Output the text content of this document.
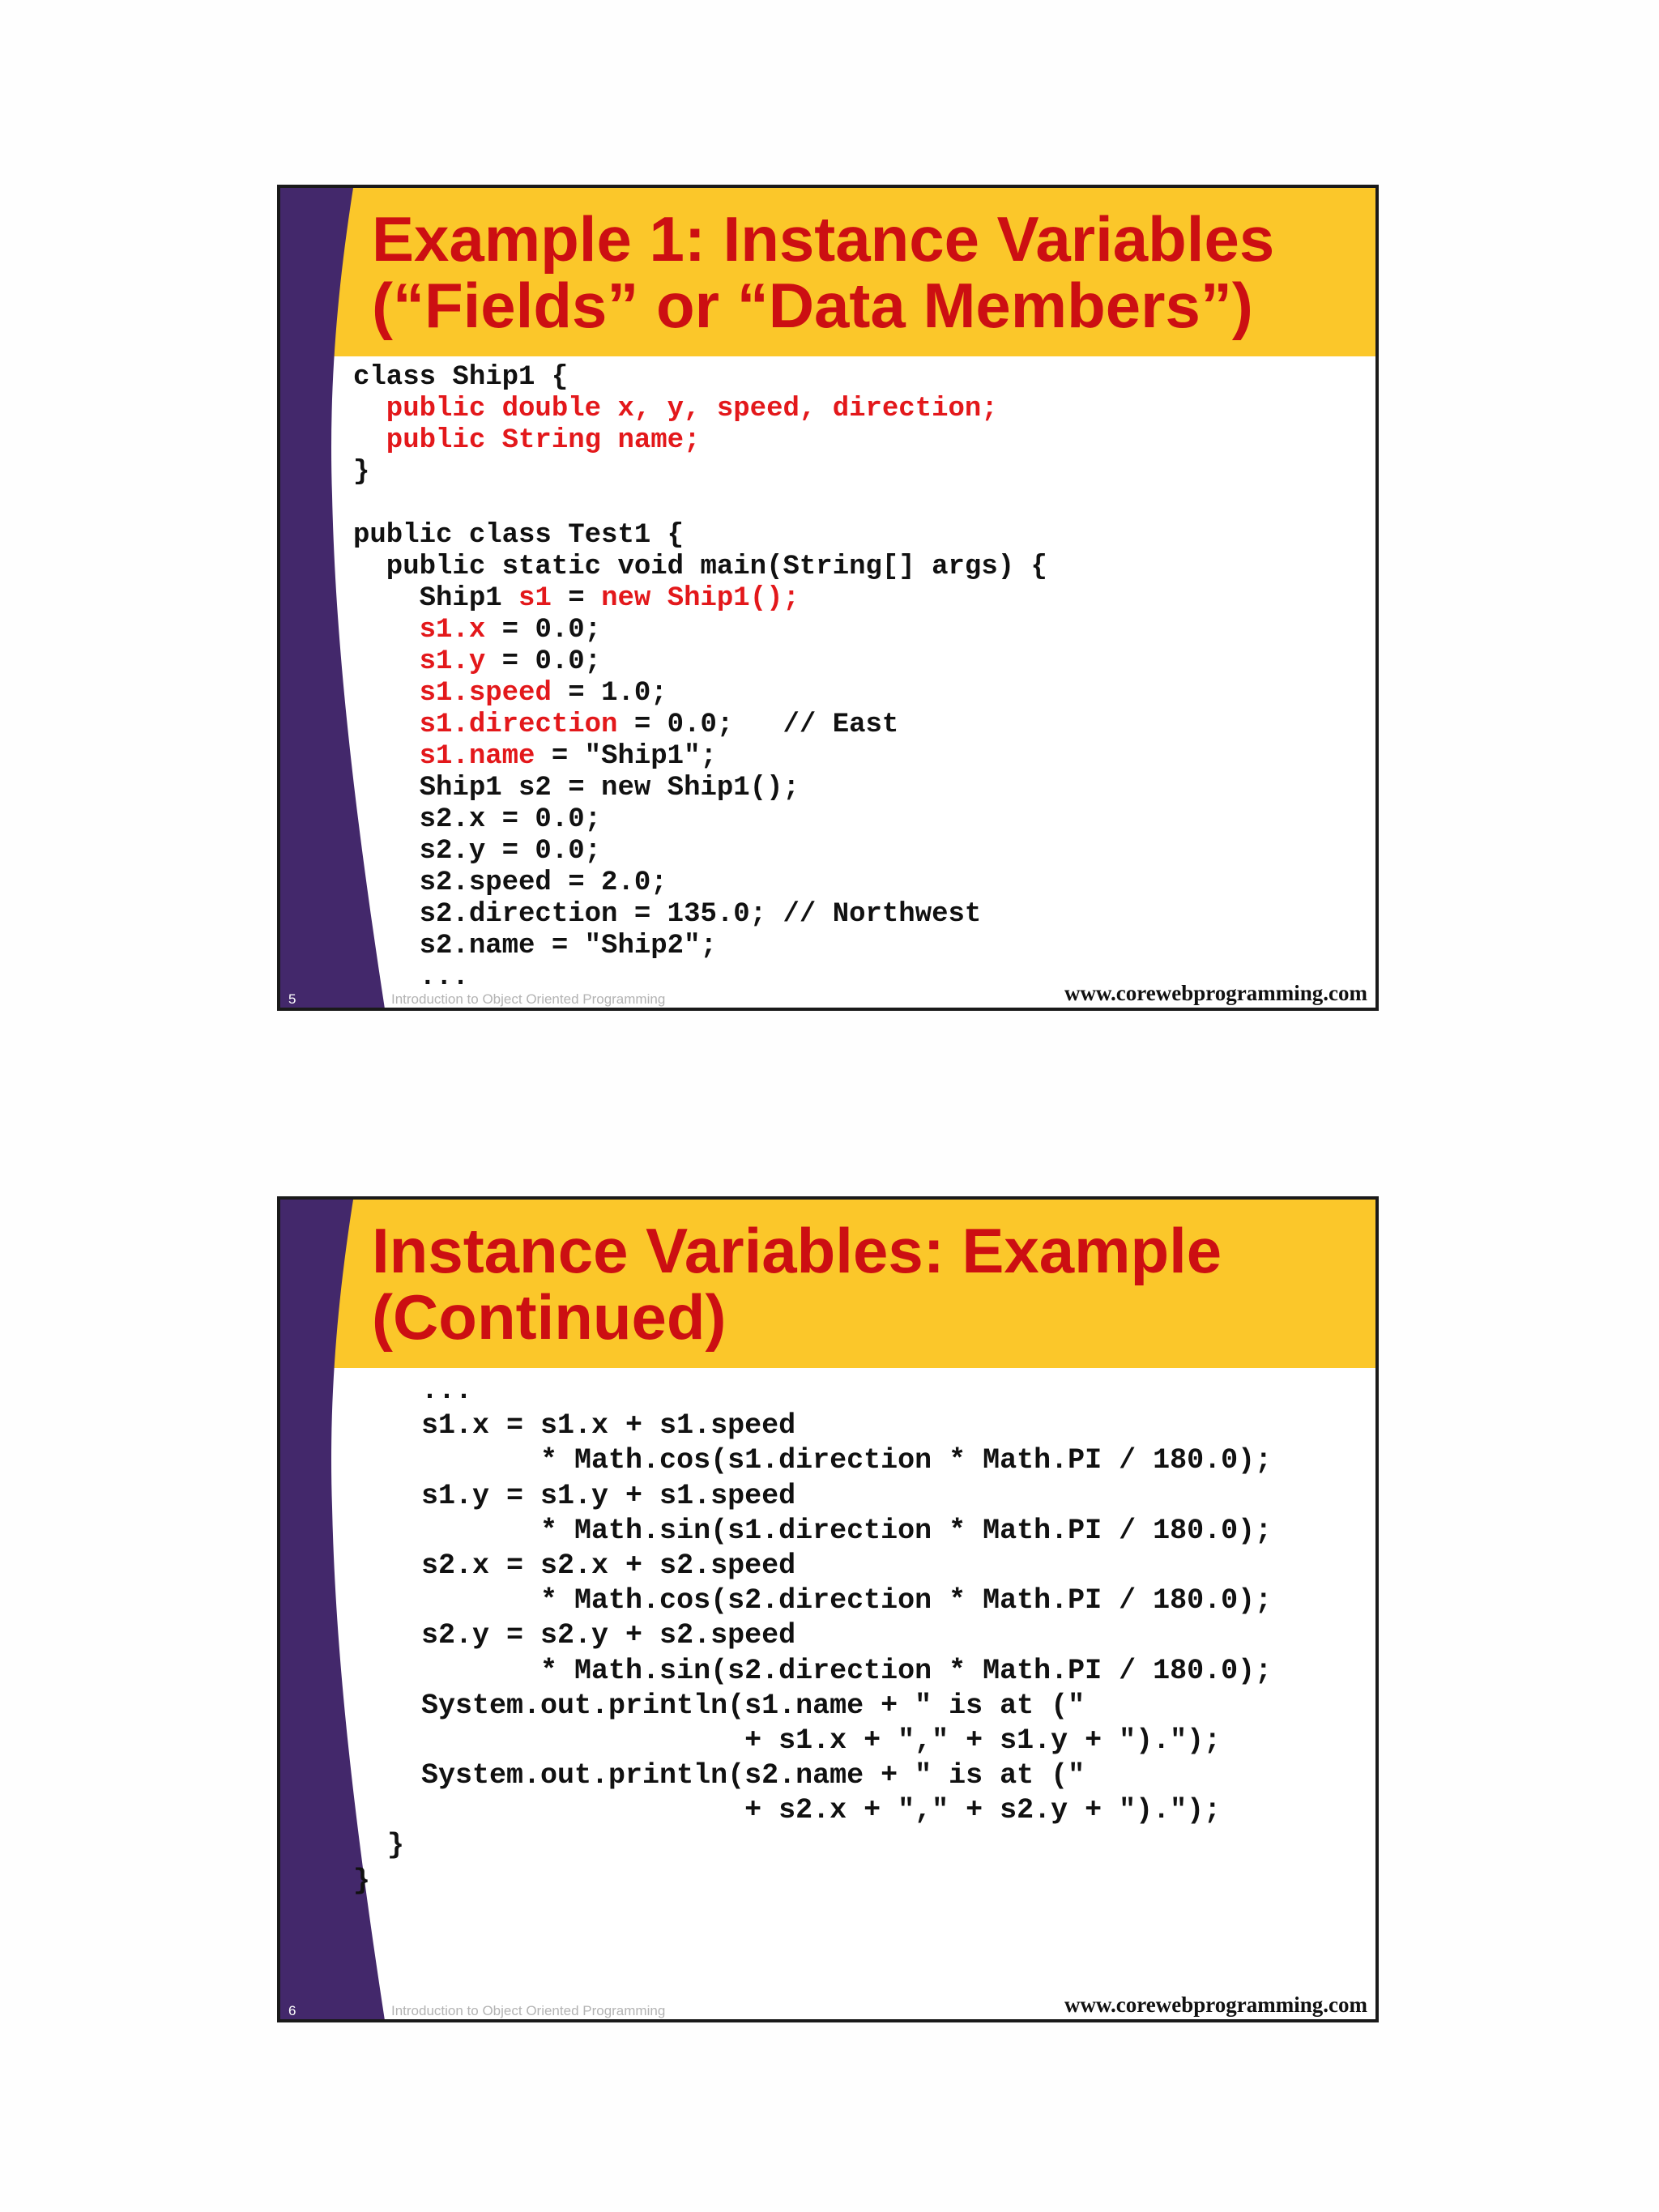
Example 1: Instance Variables
(“Fields” or “Data Members”)
class Ship1 {
public double x, y, speed, direction;
public String name;
}
public class Test1 {
public static void main(String[] args) {
Ship1 s1 = new Ship1();
s1.x = 0.0;
s1.y = 0.0;
s1.speed = 1.0;
s1.direction = 0.0;   // East
s1.name = "Ship1";
Ship1 s2 = new Ship1();
s2.x = 0.0;
s2.y = 0.0;
s2.speed = 2.0;
s2.direction = 135.0; // Northwest
s2.name = "Ship2";
...
5	Introduction to Object Oriented Programming	www.corewebprogramming.com
Instance Variables: Example
(Continued)
...
s1.x = s1.x + s1.speed
* Math.cos(s1.direction * Math.PI / 180.0);
s1.y = s1.y + s1.speed
* Math.sin(s1.direction * Math.PI / 180.0);
s2.x = s2.x + s2.speed
* Math.cos(s2.direction * Math.PI / 180.0);
s2.y = s2.y + s2.speed
* Math.sin(s2.direction * Math.PI / 180.0);
System.out.println(s1.name + " is at ("
+ s1.x + "," + s1.y + ").");
System.out.println(s2.name + " is at ("
+ s2.x + "," + s2.y + ").");
}
}
6	Introduction to Object Oriented Programming	www.corewebprogramming.com
